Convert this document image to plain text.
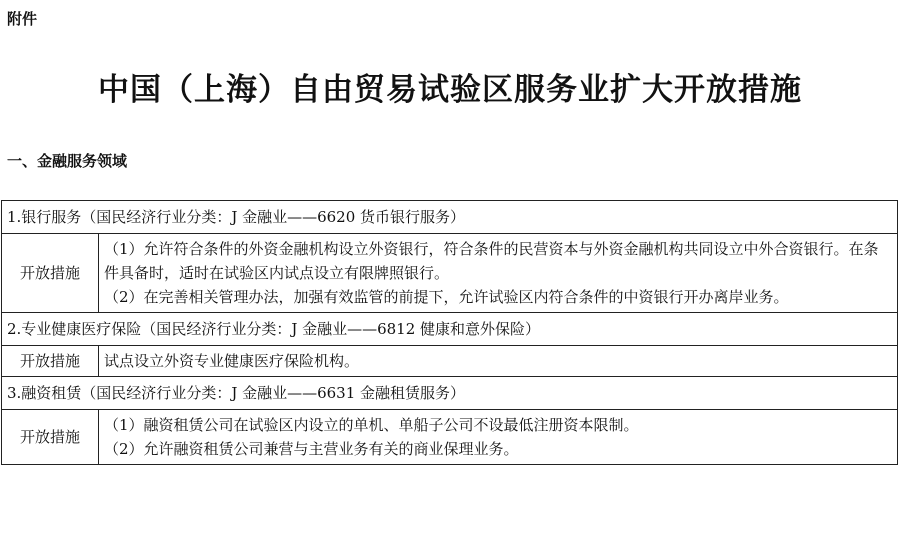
附件
中国（上海）自由贸易试验区服务业扩大开放措施
一、金融服务领域
1.银行服务（国民经济行业分类：J 金融业——6620 货币银行服务）	
开放措施	（1）允许符合条件的外资金融机构设立外资银行，符合条件的民营资本与外资金融机构共同设立中外合资银行。在条件具备时，适时在试验区内试点设立有限牌照银行。

（2）在完善相关管理办法，加强有效监管的前提下，允许试验区内符合条件的中资银行开办离岸业务。

2.专业健康医疗保险（国民经济行业分类：J 金融业——6812 健康和意外保险）	
开放措施	试点设立外资专业健康医疗保险机构。

3.融资租赁（国民经济行业分类：J 金融业——6631 金融租赁服务）	
开放措施	（1）融资租赁公司在试验区内设立的单机、单船子公司不设最低注册资本限制。

（2）允许融资租赁公司兼营与主营业务有关的商业保理业务。
